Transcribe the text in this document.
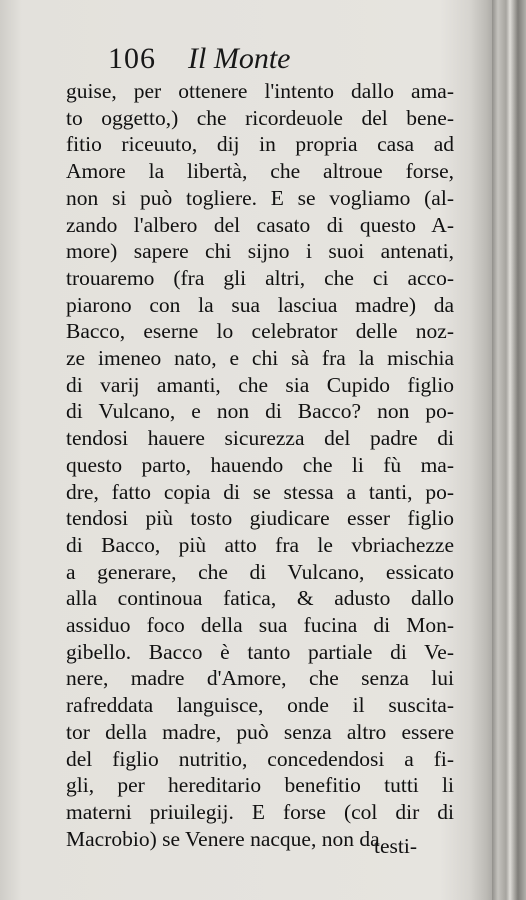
106 Il Monte
guise, per ottenere l'intento dallo ama-
to oggetto,) che ricordeuole del bene-
fitio riceuuto, dij in propria casa ad
Amore la libertà, che altroue forse,
non si può togliere. E se vogliamo (al-
zando l'albero del casato di questo A-
more) sapere chi sijno i suoi antenati,
trouaremo (fra gli altri, che ci acco-
piarono con la sua lasciua madre) da
Bacco, eserne lo celebrator delle noz-
ze imeneo nato, e chi sà fra la mischia
di varij amanti, che sia Cupido figlio
di Vulcano, e non di Bacco? non po-
tendosi hauere sicurezza del padre di
questo parto, hauendo che li fù ma-
dre, fatto copia di se stessa a tanti, po-
tendosi più tosto giudicare esser figlio
di Bacco, più atto fra le vbriachezze
a generare, che di Vulcano, essicato
alla continoua fatica, & adusto dallo
assiduo foco della sua fucina di Mon-
gibello. Bacco è tanto partiale di Ve-
nere, madre d'Amore, che senza lui
rafreddata languisce, onde il suscita-
tor della madre, può senza altro essere
del figlio nutritio, concedendosi a fi-
gli, per hereditario benefitio tutti li
materni priuilegij. E forse (col dir di
Macrobio) se Venere nacque, non da
testi-
